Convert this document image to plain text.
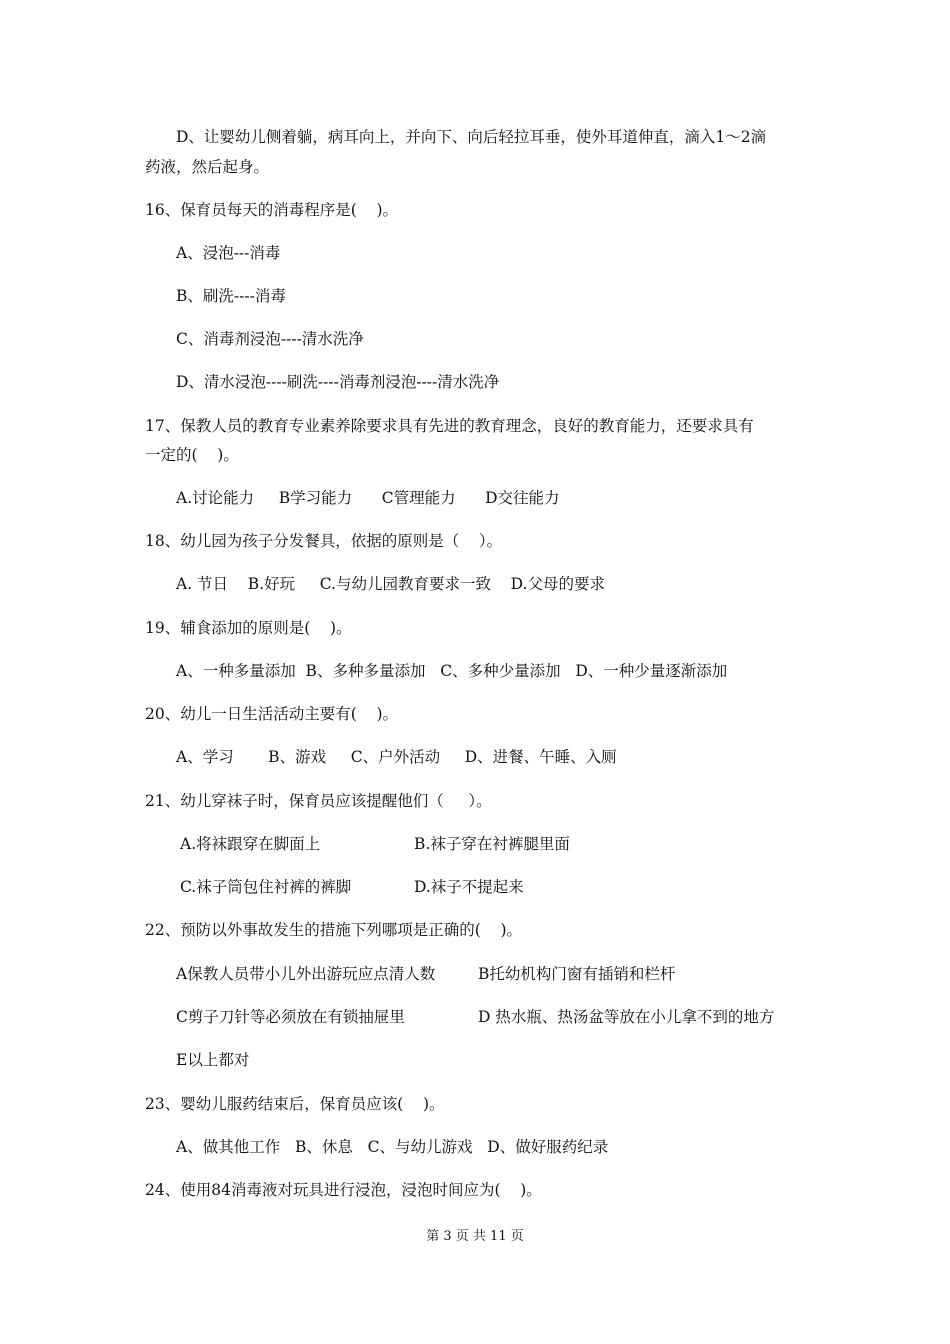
D、让婴幼儿侧着躺，病耳向上，并向下、向后轻拉耳垂，使外耳道伸直，滴入1～2滴
药液，然后起身。
16、保育员每天的消毒程序是(    )。
A、浸泡---消毒
B、刷洗----消毒
C、消毒剂浸泡----清水洗净
D、清水浸泡----刷洗----消毒剂浸泡----清水洗净
17、保教人员的教育专业素养除要求具有先进的教育理念，良好的教育能力，还要求具有
一定的(    )。
A.讨论能力     B学习能力      C管理能力      D交往能力
18、幼儿园为孩子分发餐具，依据的原则是（    ）。
A. 节日    B.好玩     C.与幼儿园教育要求一致    D.父母的要求
19、辅食添加的原则是(    )。
A、一种多量添加  B、多种多量添加   C、多种少量添加   D、一种少量逐渐添加
20、幼儿一日生活活动主要有(    )。
A、学习       B、游戏     C、户外活动     D、进餐、午睡、入厕
21、幼儿穿袜子时，保育员应该提醒他们（     ）。
A.将袜跟穿在脚面上	B.袜子穿在衬裤腿里面
C.袜子筒包住衬裤的裤脚	D.袜子不提起来
22、预防以外事故发生的措施下列哪项是正确的(    )。
A保教人员带小儿外出游玩应点清人数	B托幼机构门窗有插销和栏杆
C剪子刀针等必须放在有锁抽屉里	D 热水瓶、热汤盆等放在小儿拿不到的地方
E以上都对
23、婴幼儿服药结束后，保育员应该(    )。
A、做其他工作   B、休息   C、与幼儿游戏   D、做好服药纪录
24、使用84消毒液对玩具进行浸泡，浸泡时间应为(    )。
第 3 页 共 11 页
